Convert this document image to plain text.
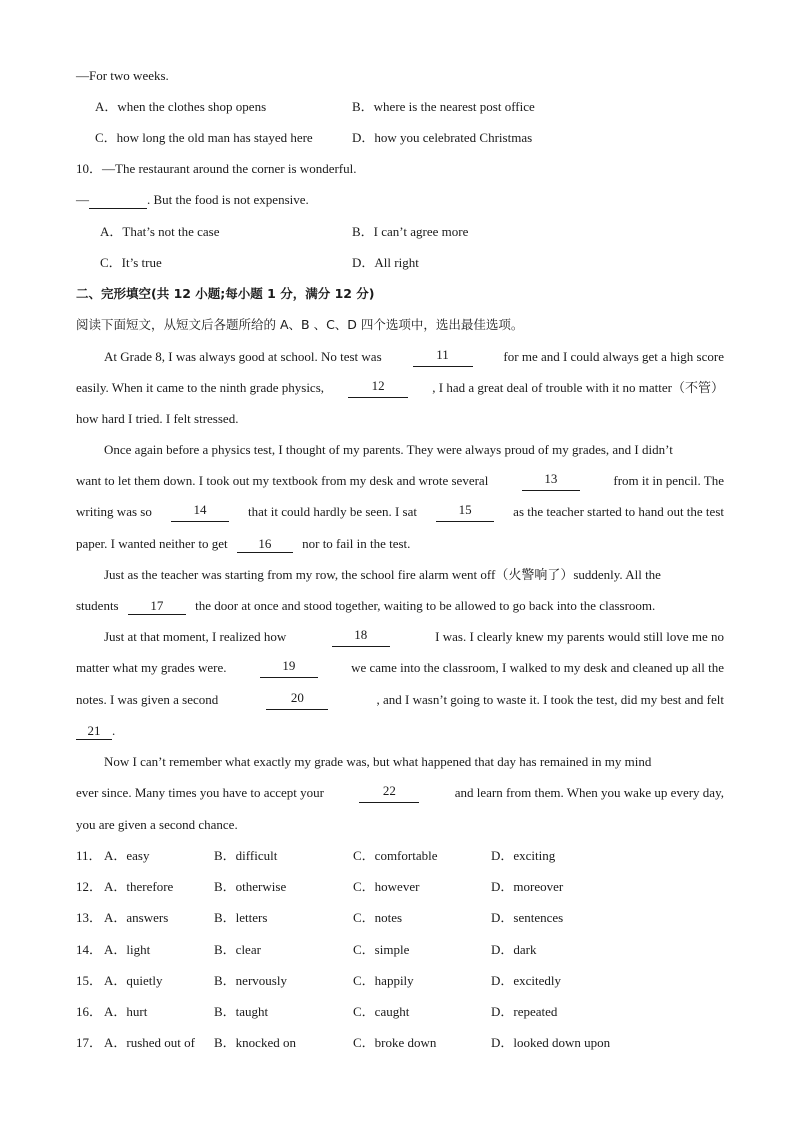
—For two weeks.
A．when the clothes shop opens	B．where is the nearest post office
C．how long the old man has stayed here	D．how you celebrated Christmas
10．—The restaurant around the corner is wonderful.
—	. But the food is not expensive.
A．That’s not the case	B．I can’t agree more
C．It’s true	D．All right
二、完形填空(共 12 小题;每小题 1 分，满分 12 分)
阅读下面短文，从短文后各题所给的 A、B 、C、D 四个选项中，选出最佳选项。
At Grade 8, I was always good at school. No test was	11	for me and I could always get a high score
easily. When it came to the ninth grade physics,	12	, I had a great deal of trouble with it no matter（不管）
how hard I tried. I felt stressed.
Once again before a physics test, I thought of my parents. They were always proud of my grades, and I didn’t
want to let them down. I took out my textbook from my desk and wrote several	13	from it in pencil. The
writing was so	14	that it could hardly be seen. I sat	15	as the teacher started to hand out the test
paper. I wanted neither to get 16 nor to fail in the test.
Just as the teacher was starting from my row, the school fire alarm went off（火警响了）suddenly. All the
students 17 the door at once and stood together, waiting to be allowed to go back into the classroom.
Just at that moment, I realized how	18	I was. I clearly knew my parents would still love me no
matter what my grades were.	19	we came into the classroom, I walked to my desk and cleaned up all the
notes. I was given a second	20	, and I wasn’t going to waste it. I took the test, did my best and felt
21 .
Now I can’t remember what exactly my grade was, but what happened that day has remained in my mind
ever since. Many times you have to accept your	22	and learn from them. When you wake up every day,
you are given a second chance.
11． A．easy	B．difficult	C．comfortable	D．exciting
12． A．therefore	B．otherwise	C．however	D．moreover
13． A．answers	B．letters	C．notes	D．sentences
14． A．light	B．clear	C．simple	D．dark
15． A．quietly	B．nervously	C．happily	D．excitedly
16． A．hurt	B．taught	C．caught	D．repeated
17． A．rushed out of B．knocked on	C．broke down	D．looked down upon
